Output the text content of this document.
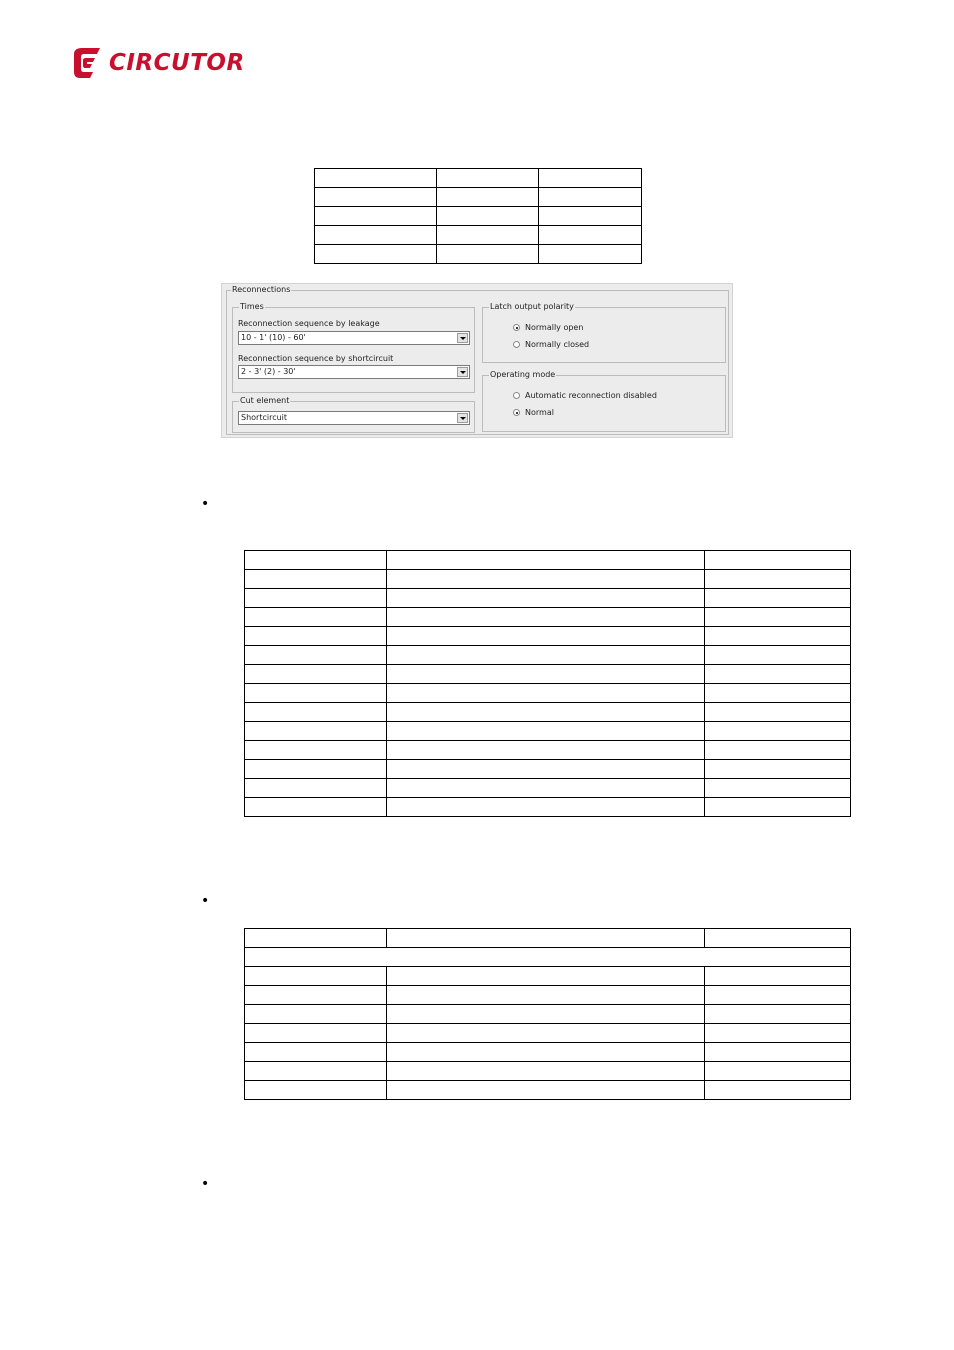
CIRCUTOR

Reconnections
Times
Reconnection sequence by leakage
10 - 1' (10) - 60'
Reconnection sequence by shortcircuit
2 - 3' (2) - 30'
Cut element
Shortcircuit
Latch output polarity
Normally open
Normally closed
Operating mode
Automatic reconnection disabled
Normal
•

•

•
